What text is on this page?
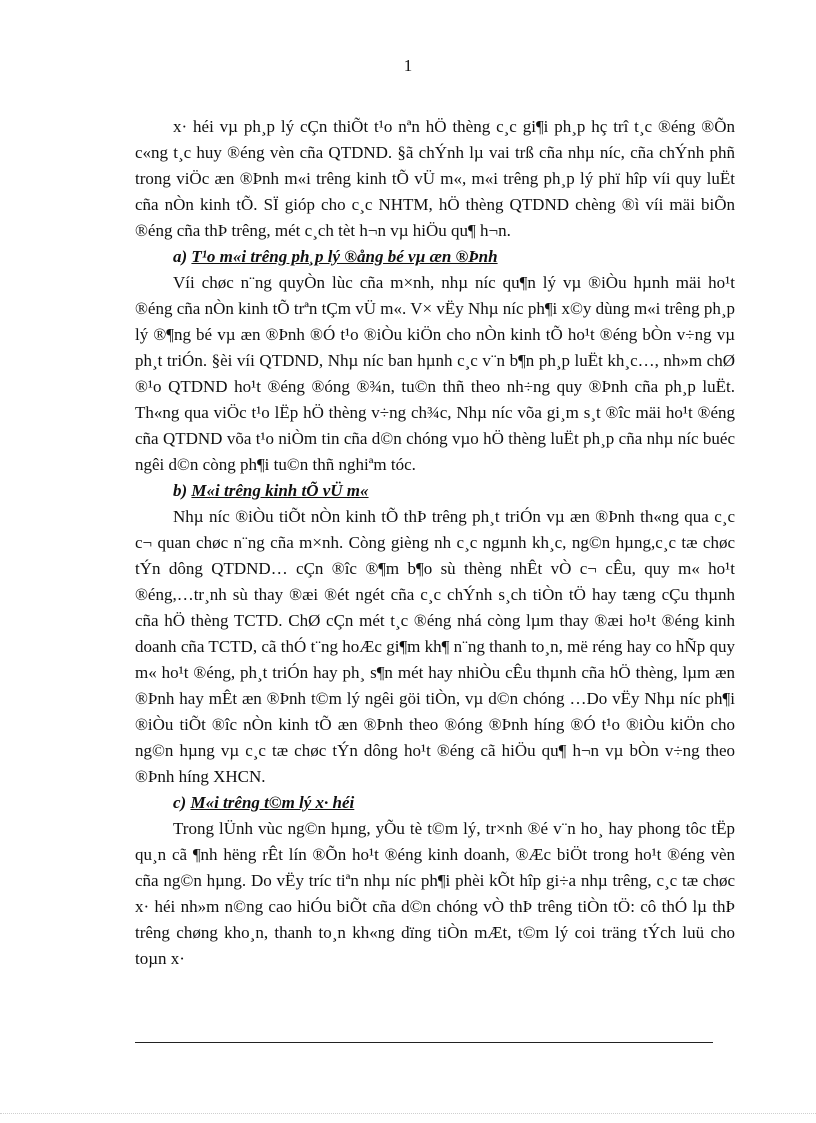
1

x· héi vµ ph¸p lý cÇn thiÕt t¹o nªn hÖ thèng c¸c gi¶i ph¸p hç trî t¸c ®éng ®Õn c«ng t¸c huy ®éng vèn cña QTDND. §ã chÝnh lµ vai trß cña nhµ níc, cña chÝnh phñ trong viÖc æn ®Þnh m«i trêng kinh tÕ vÜ m«, m«i trêng ph¸p lý phï hîp víi quy luËt cña nÒn kinh tÕ. SÏ gióp cho c¸c NHTM, hÖ thèng QTDND chèng ®ì víi mäi biÕn ®éng cña thÞ trêng, mét c¸ch tèt h¬n vµ hiÖu qu¶ h¬n.

a) T¹o m«i trêng ph¸p lý ®ång bé vµ æn ®Þnh

Víi chøc n¨ng quyÒn lùc cña m×nh, nhµ níc qu¶n lý vµ ®iÒu hµnh mäi ho¹t ®éng cña nÒn kinh tÕ trªn tÇm vÜ m«. V× vËy Nhµ níc ph¶i x©y dùng m«i trêng ph¸p lý ®¶ng bé vµ æn ®Þnh ®Ó t¹o ®iÒu kiÖn cho nÒn kinh tÕ ho¹t ®éng bÒn v÷ng vµ ph¸t triÓn. §èi víi QTDND, Nhµ níc ban hµnh c¸c v¨n b¶n ph¸p luËt kh¸c…, nh»m chØ ®¹o QTDND ho¹t ®éng ®óng ®¾n, tu©n thñ theo nh÷ng quy ®Þnh cña ph¸p luËt. Th«ng qua viÖc t¹o lËp hÖ thèng v÷ng ch¾c, Nhµ níc võa gi¸m s¸t ®îc mäi ho¹t ®éng cña QTDND võa t¹o niÒm tin cña d©n chóng vµo hÖ thèng luËt ph¸p cña nhµ níc buéc ngêi d©n còng ph¶i tu©n thñ nghiªm tóc.

b) M«i trêng kinh tÕ vÜ m«

Nhµ níc ®iÒu tiÕt nÒn kinh tÕ thÞ trêng ph¸t triÓn vµ æn ®Þnh th«ng qua c¸c c¬ quan chøc n¨ng cña m×nh. Còng gièng nh c¸c ngµnh kh¸c, ng©n hµng,c¸c tæ chøc tÝn dông QTDND… cÇn ®îc ®¶m b¶o sù thèng nhÊt vÒ c¬ cÊu, quy m« ho¹t ®éng,…tr¸nh sù thay ®æi ®ét ngét cña c¸c chÝnh s¸ch tiÒn tÖ hay tæng cÇu thµnh cña hÖ thèng TCTD. ChØ cÇn mét t¸c ®éng nhá còng lµm thay ®æi ho¹t ®éng kinh doanh cña TCTD, cã thÓ t¨ng hoÆc gi¶m kh¶ n¨ng thanh to¸n, më réng hay co hÑp quy m« ho¹t ®éng, ph¸t triÓn hay ph¸ s¶n mét hay nhiÒu cÊu thµnh cña hÖ thèng, lµm æn ®Þnh hay mÊt æn ®Þnh t©m lý ngêi göi tiÒn, vµ d©n chóng …Do vËy Nhµ níc ph¶i ®iÒu tiÕt ®îc nÒn kinh tÕ æn ®Þnh theo ®óng ®Þnh híng ®Ó t¹o ®iÒu kiÖn cho ng©n hµng vµ c¸c tæ chøc tÝn dông ho¹t ®éng cã hiÖu qu¶ h¬n vµ bÒn v÷ng theo ®Þnh híng XHCN.

c) M«i trêng t©m lý x· héi

Trong lÜnh vùc ng©n hµng, yÕu tè t©m lý, tr×nh ®é v¨n ho¸ hay phong tôc tËp qu¸n cã ¶nh hëng rÊt lín ®Õn ho¹t ®éng kinh doanh, ®Æc biÖt trong ho¹t ®éng vèn cña ng©n hµng. Do vËy tríc tiªn nhµ níc ph¶i phèi kÕt hîp gi÷a nhµ trêng, c¸c tæ chøc x· héi nh»m n©ng cao hiÓu biÕt cña d©n chóng vÒ thÞ trêng tiÒn tÖ: cô thÓ lµ thÞ trêng chøng kho¸n, thanh to¸n kh«ng dïng tiÒn mÆt, t©m lý coi träng tÝch luü cho toµn x·
